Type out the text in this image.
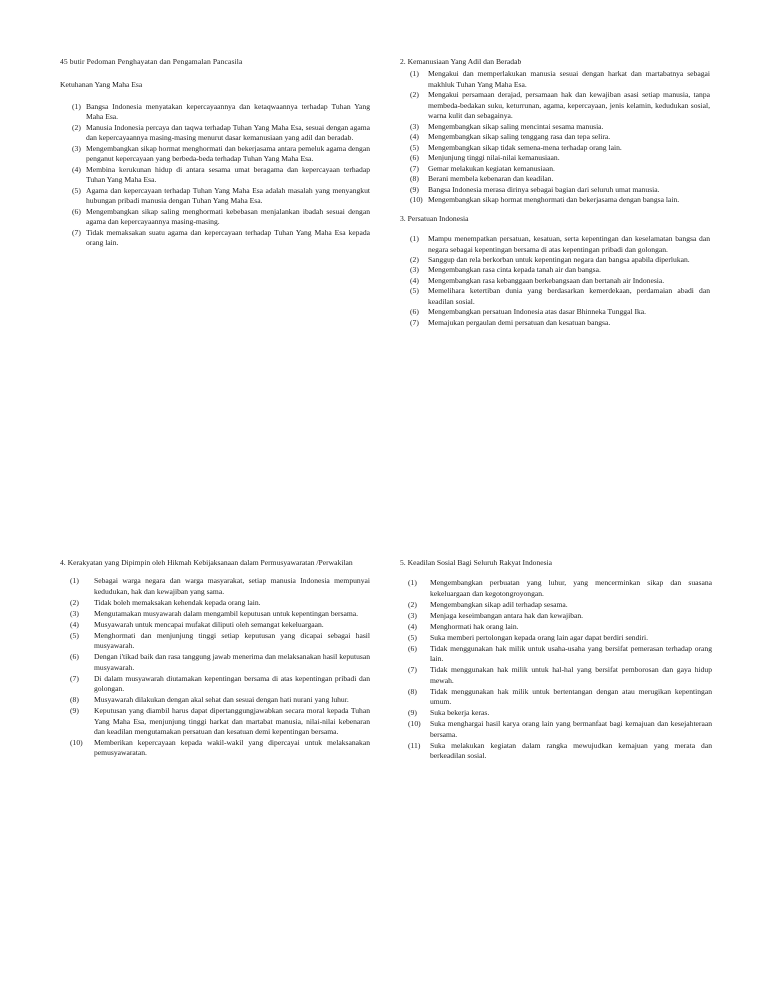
45 butir Pedoman Penghayatan dan Pengamalan Pancasila

Ketuhanan Yang Maha Esa

(1) Bangsa Indonesia menyatakan kepercayaannya dan ketaqwaannya terhadap Tuhan Yang Maha Esa.
(2) Manusia Indonesia percaya dan taqwa terhadap Tuhan Yang Maha Esa, sesuai dengan agama dan kepercayaannya masing-masing menurut dasar kemanusiaan yang adil dan beradab.
(3) Mengembangkan sikap hormat menghormati dan bekerjasama antara pemeluk agama dengan penganut kepercayaan yang berbeda-beda terhadap Tuhan Yang Maha Esa.
(4) Membina kerukunan hidup di antara sesama umat beragama dan kepercayaan terhadap Tuhan Yang Maha Esa.
(5) Agama dan kepercayaan terhadap Tuhan Yang Maha Esa adalah masalah yang menyangkut hubungan pribadi manusia dengan Tuhan Yang Maha Esa.
(6) Mengembangkan sikap saling menghormati kebebasan menjalankan ibadah sesuai dengan agama dan kepercayaannya masing-masing.
(7) Tidak memaksakan suatu agama dan kepercayaan terhadap Tuhan Yang Maha Esa kepada orang lain.

2. Kemanusiaan Yang Adil dan Beradab

(1)	Mengakui dan memperlakukan manusia sesuai dengan harkat dan martabatnya sebagai makhluk Tuhan Yang Maha Esa.
(2)	Mengakui persamaan derajad, persamaan hak dan kewajiban asasi setiap manusia, tanpa membeda-bedakan suku, keturrunan, agama, kepercayaan, jenis kelamin, kedudukan sosial, warna kulit dan sebagainya.
(3)	Mengembangkan sikap saling mencintai sesama manusia.
(4)	Mengembangkan sikap saling tenggang rasa dan tepa selira.
(5)	Mengembangkan sikap tidak semena-mena terhadap orang lain.
(6)	Menjunjung tinggi nilai-nilai kemanusiaan.
(7)	Gemar melakukan kegiatan kemanusiaan.
(8)	Berani membela kebenaran dan keadilan.
(9)	Bangsa Indonesia merasa dirinya sebagai bagian dari seluruh umat manusia.
(10) Mengembangkan sikap hormat menghormati dan bekerjasama dengan bangsa lain.

3. Persatuan Indonesia

(1)	Mampu menempatkan persatuan, kesatuan, serta kepentingan dan keselamatan bangsa dan negara sebagai kepentingan bersama di atas kepentingan pribadi dan golongan.
(2)	Sanggup dan rela berkorban untuk kepentingan negara dan bangsa apabila diperlukan.
(3)	Mengembangkan rasa cinta kepada tanah air dan bangsa.
(4)	Mengembangkan rasa kebanggaan berkebangsaan dan bertanah air Indonesia.
(5)	Memelihara ketertiban dunia yang berdasarkan kemerdekaan, perdamaian abadi dan keadilan sosial.
(6)	Mengembangkan persatuan Indonesia atas dasar Bhinneka Tunggal Ika.
(7)	Memajukan pergaulan demi persatuan dan kesatuan bangsa.

4. Kerakyatan yang Dipimpin oleh Hikmah Kebijaksanaan dalam Permusyawaratan /Perwakilan

(1)	Sebagai warga negara dan warga masyarakat, setiap manusia Indonesia mempunyai kedudukan, hak dan kewajiban yang sama.
(2)	Tidak boleh memaksakan kehendak kepada orang lain.
(3)	Mengutamakan musyawarah dalam mengambil keputusan untuk kepentingan bersama.
(4)	Musyawarah untuk mencapai mufakat diliputi oleh semangat kekeluargaan.
(5)	Menghormati dan menjunjung tinggi setiap keputusan yang dicapai sebagai hasil musyawarah.
(6)	Dengan i'tikad baik dan rasa tanggung jawab menerima dan melaksanakan hasil keputusan musyawarah.
(7)	Di dalam musyawarah diutamakan kepentingan bersama di atas kepentingan pribadi dan golongan.
(8)	Musyawarah dilakukan dengan akal sehat dan sesuai dengan hati nurani yang luhur.
(9)	Keputusan yang diambil harus dapat dipertanggungjawabkan secara moral kepada Tuhan Yang Maha Esa, menjunjung tinggi harkat dan martabat manusia, nilai-nilai kebenaran dan keadilan mengutamakan persatuan dan kesatuan demi kepentingan bersama.
(10)	Memberikan kepercayaan kepada wakil-wakil yang dipercayai untuk melaksanakan pemusyawaratan.

5. Keadilan Sosial Bagi Seluruh Rakyat Indonesia

(1)	Mengembangkan perbuatan yang luhur, yang mencerminkan sikap dan suasana kekeluargaan dan kegotongroyongan.
(2)	Mengembangkan sikap adil terhadap sesama.
(3)	Menjaga keseimbangan antara hak dan kewajiban.
(4)	Menghormati hak orang lain.
(5)	Suka memberi pertolongan kepada orang lain agar dapat berdiri sendiri.
(6)	Tidak menggunakan hak milik untuk usaha-usaha yang bersifat pemerasan terhadap orang lain.
(7)	Tidak menggunakan hak milik untuk hal-hal yang bersifat pemborosan dan gaya hidup mewah.
(8)	Tidak menggunakan hak milik untuk bertentangan dengan atau merugikan kepentingan umum.
(9)	Suka bekerja keras.
(10)	Suka menghargai hasil karya orang lain yang bermanfaat bagi kemajuan dan kesejahteraan bersama.
(11)	Suka melakukan kegiatan dalam rangka mewujudkan kemajuan yang merata dan berkeadilan sosial.
